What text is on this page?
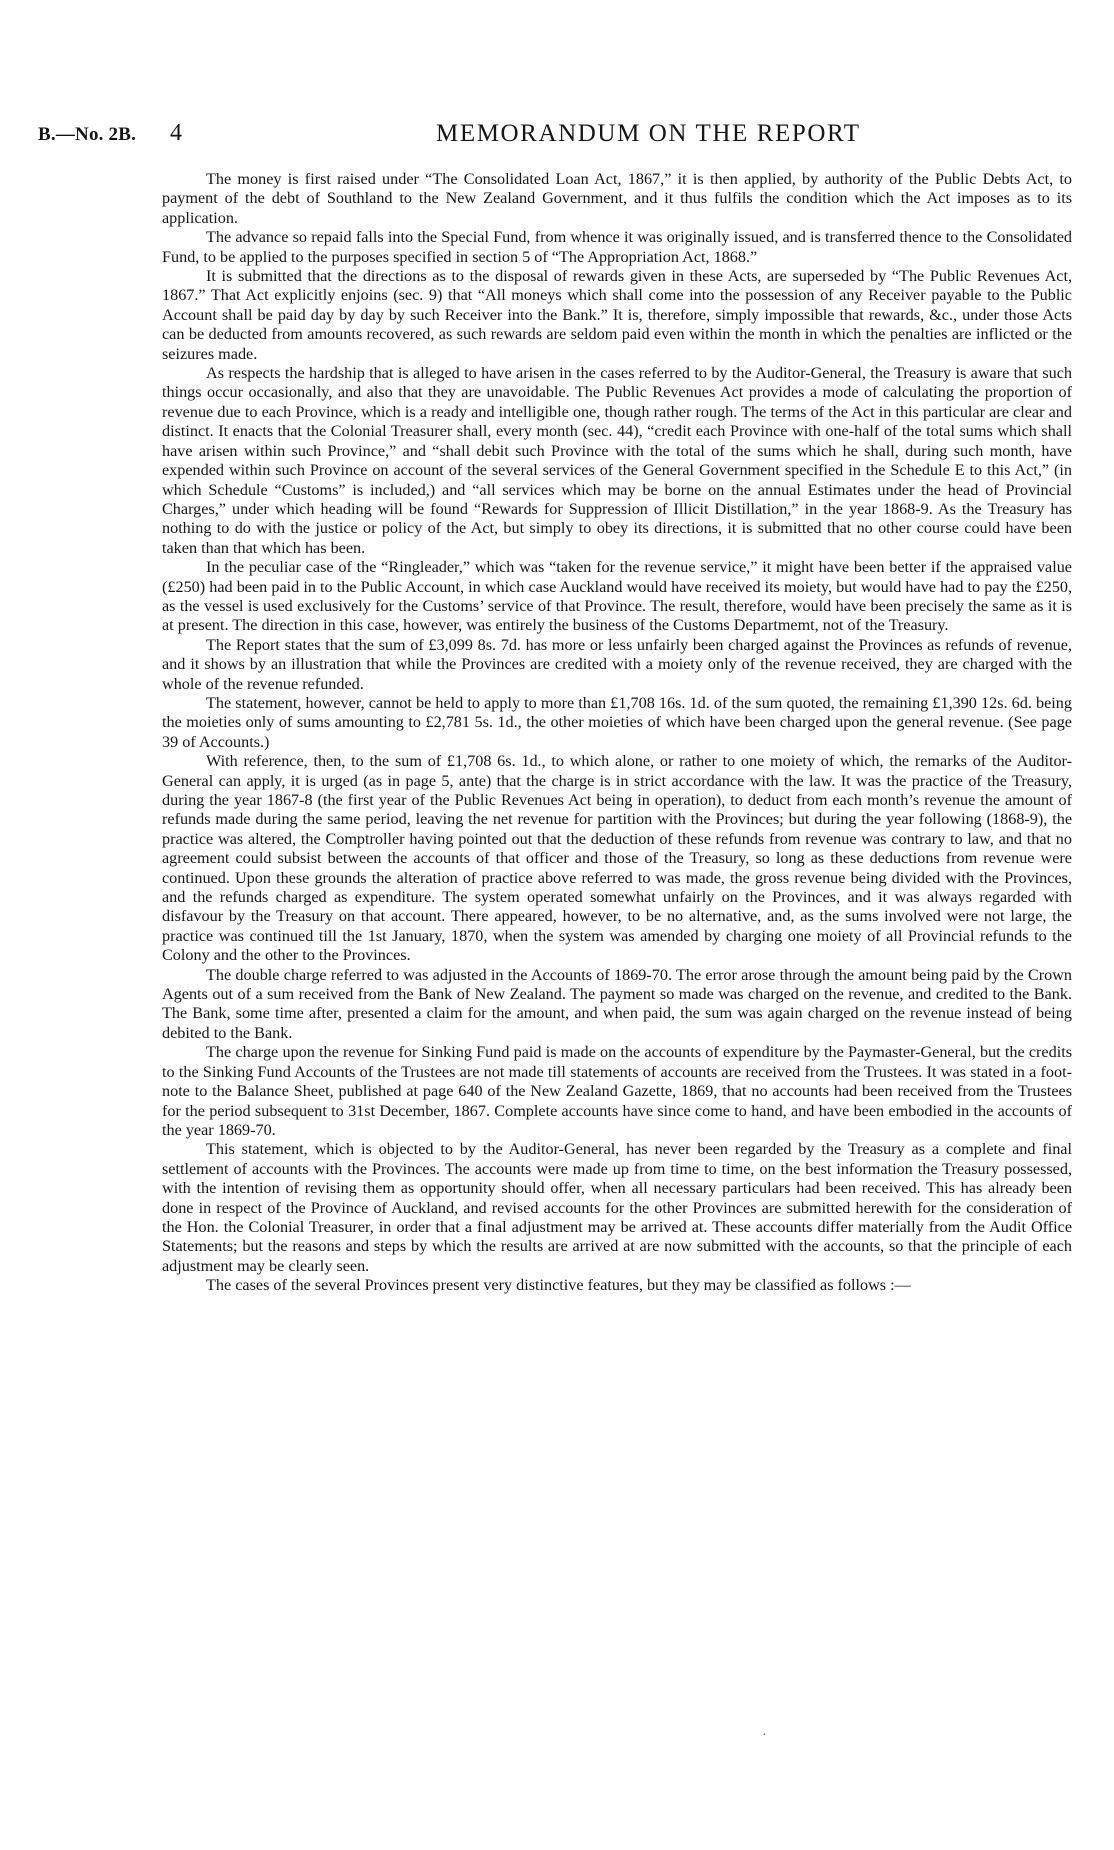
B.—No. 2B. 4	MEMORANDUM ON THE REPORT

The money is first raised under “The Consolidated Loan Act, 1867,” it is then applied, by authority of the Public Debts Act, to payment of the debt of Southland to the New Zealand Government, and it thus fulfils the condition which the Act imposes as to its application.

The advance so repaid falls into the Special Fund, from whence it was originally issued, and is transferred thence to the Consolidated Fund, to be applied to the purposes specified in section 5 of “The Appropriation Act, 1868.”

It is submitted that the directions as to the disposal of rewards given in these Acts, are superseded by “The Public Revenues Act, 1867.” That Act explicitly enjoins (sec. 9) that “All moneys which shall come into the possession of any Receiver payable to the Public Account shall be paid day by day by such Receiver into the Bank.” It is, therefore, simply impossible that rewards, &c., under those Acts can be deducted from amounts recovered, as such rewards are seldom paid even within the month in which the penalties are inflicted or the seizures made.

As respects the hardship that is alleged to have arisen in the cases referred to by the Auditor-General, the Treasury is aware that such things occur occasionally, and also that they are unavoidable. The Public Revenues Act provides a mode of calculating the proportion of revenue due to each Province, which is a ready and intelligible one, though rather rough. The terms of the Act in this particular are clear and distinct. It enacts that the Colonial Treasurer shall, every month (sec. 44), “credit each Province with one-half of the total sums which shall have arisen within such Province,” and “shall debit such Province with the total of the sums which he shall, during such month, have expended within such Province on account of the several services of the General Government specified in the Schedule E to this Act,” (in which Schedule “Customs” is included,) and “all services which may be borne on the annual Estimates under the head of Provincial Charges,” under which heading will be found “Rewards for Suppression of Illicit Distillation,” in the year 1868-9. As the Treasury has nothing to do with the justice or policy of the Act, but simply to obey its directions, it is submitted that no other course could have been taken than that which has been.

In the peculiar case of the “Ringleader,” which was “taken for the revenue service,” it might have been better if the appraised value (£250) had been paid in to the Public Account, in which case Auckland would have received its moiety, but would have had to pay the £250, as the vessel is used exclusively for the Customs’ service of that Province. The result, therefore, would have been precisely the same as it is at present. The direction in this case, however, was entirely the business of the Customs Departmemt, not of the Treasury.

The Report states that the sum of £3,099 8s. 7d. has more or less unfairly been charged against the Provinces as refunds of revenue, and it shows by an illustration that while the Provinces are credited with a moiety only of the revenue received, they are charged with the whole of the revenue refunded.

The statement, however, cannot be held to apply to more than £1,708 16s. 1d. of the sum quoted, the remaining £1,390 12s. 6d. being the moieties only of sums amounting to £2,781 5s. 1d., the other moieties of which have been charged upon the general revenue. (See page 39 of Accounts.)

With reference, then, to the sum of £1,708 6s. 1d., to which alone, or rather to one moiety of which, the remarks of the Auditor-General can apply, it is urged (as in page 5, ante) that the charge is in strict accordance with the law. It was the practice of the Treasury, during the year 1867-8 (the first year of the Public Revenues Act being in operation), to deduct from each month’s revenue the amount of refunds made during the same period, leaving the net revenue for partition with the Provinces; but during the year following (1868-9), the practice was altered, the Comptroller having pointed out that the deduction of these refunds from revenue was contrary to law, and that no agreement could subsist between the accounts of that officer and those of the Treasury, so long as these deductions from revenue were continued. Upon these grounds the alteration of practice above referred to was made, the gross revenue being divided with the Provinces, and the refunds charged as expenditure. The system operated somewhat unfairly on the Provinces, and it was always regarded with disfavour by the Treasury on that account. There appeared, however, to be no alternative, and, as the sums involved were not large, the practice was continued till the 1st January, 1870, when the system was amended by charging one moiety of all Provincial refunds to the Colony and the other to the Provinces.

The double charge referred to was adjusted in the Accounts of 1869-70. The error arose through the amount being paid by the Crown Agents out of a sum received from the Bank of New Zealand. The payment so made was charged on the revenue, and credited to the Bank. The Bank, some time after, presented a claim for the amount, and when paid, the sum was again charged on the revenue instead of being debited to the Bank.

The charge upon the revenue for Sinking Fund paid is made on the accounts of expenditure by the Paymaster-General, but the credits to the Sinking Fund Accounts of the Trustees are not made till statements of accounts are received from the Trustees. It was stated in a foot-note to the Balance Sheet, published at page 640 of the New Zealand Gazette, 1869, that no accounts had been received from the Trustees for the period subsequent to 31st December, 1867. Complete accounts have since come to hand, and have been embodied in the accounts of the year 1869-70.

This statement, which is objected to by the Auditor-General, has never been regarded by the Treasury as a complete and final settlement of accounts with the Provinces. The accounts were made up from time to time, on the best information the Treasury possessed, with the intention of revising them as opportunity should offer, when all necessary particulars had been received. This has already been done in respect of the Province of Auckland, and revised accounts for the other Provinces are submitted herewith for the consideration of the Hon. the Colonial Treasurer, in order that a final adjustment may be arrived at. These accounts differ materially from the Audit Office Statements; but the reasons and steps by which the results are arrived at are now submitted with the accounts, so that the principle of each adjustment may be clearly seen.

The cases of the several Provinces present very distinctive features, but they may be classified as follows :—

·
